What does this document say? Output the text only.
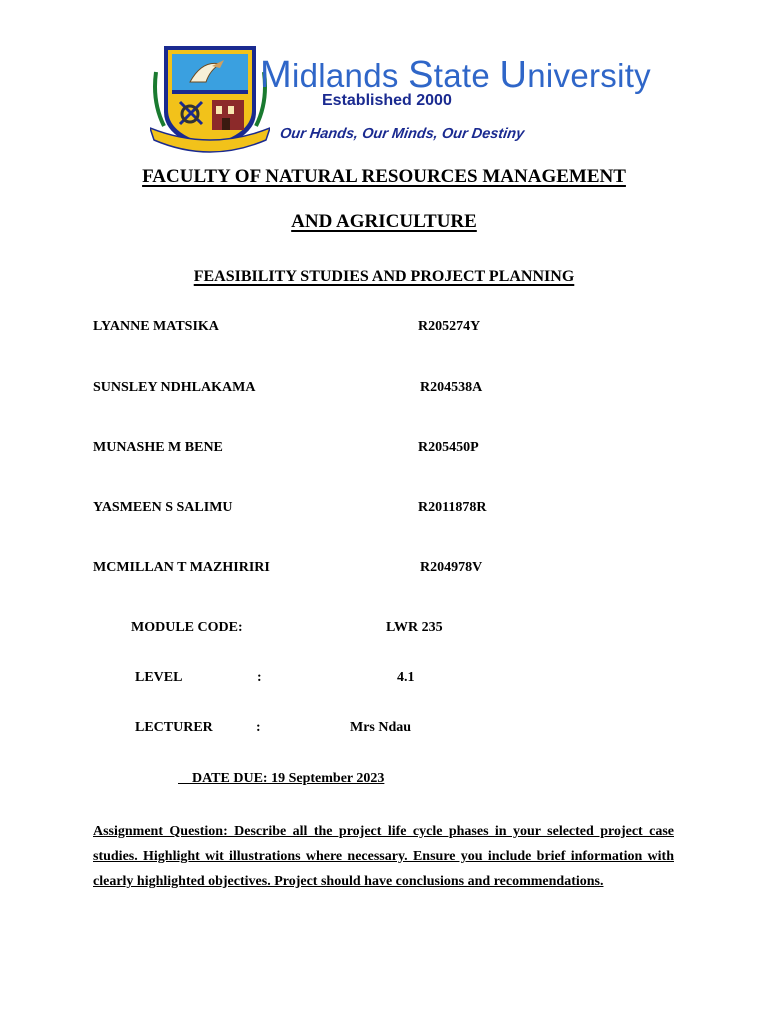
Midlands State University
Established 2000
Our Hands, Our Minds, Our Destiny
FACULTY OF NATURAL RESOURCES MANAGEMENT
AND AGRICULTURE
FEASIBILITY STUDIES AND PROJECT PLANNING
LYANNE MATSIKA	R205274Y
SUNSLEY NDHLAKAMA	R204538A
MUNASHE M BENE	R205450P
YASMEEN S SALIMU	R2011878R
MCMILLAN T MAZHIRIRI	R204978V
MODULE CODE:	LWR 235
LEVEL	:	4.1
LECTURER	:	Mrs Ndau
DATE DUE: 19 September 2023
Assignment Question: Describe all the project life cycle phases in your selected project case studies. Highlight wit illustrations where necessary. Ensure you include brief information with clearly highlighted objectives. Project should have conclusions and recommendations.
